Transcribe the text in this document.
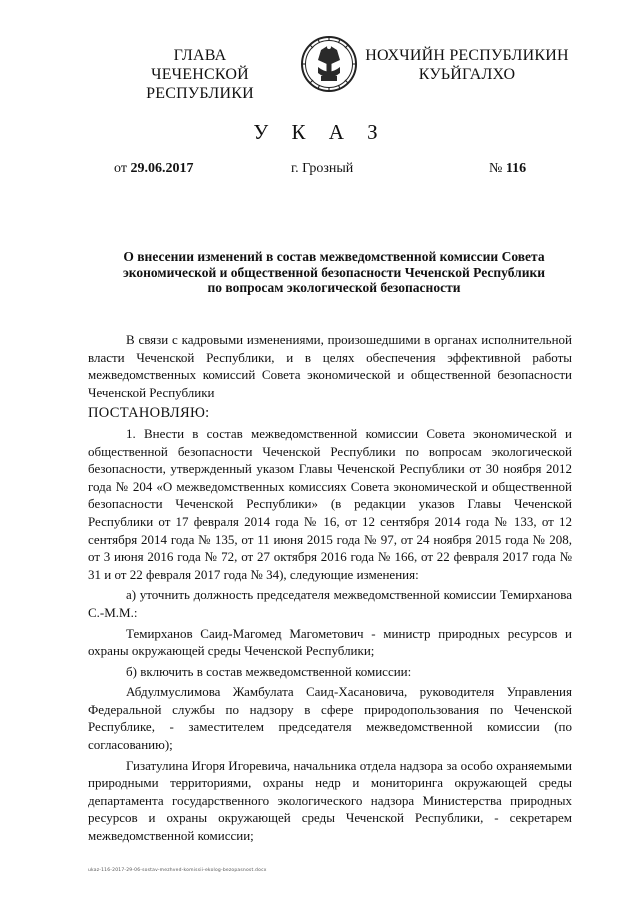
ГЛАВА
ЧЕЧЕНСКОЙ РЕСПУБЛИКИ
НОХЧИЙН РЕСПУБЛИКИН
КУЬЙГАЛХО
У К А З
от 29.06.2017	г. Грозный	№ 116
О внесении изменений в состав межведомственной комиссии Совета
экономической и общественной безопасности Чеченской Республики
по вопросам экологической безопасности

В связи с кадровыми изменениями, произошедшими в органах исполнительной власти Чеченской Республики, и в целях обеспечения эффективной работы межведомственных комиссий Совета экономической и общественной безопасности Чеченской Республики

ПОСТАНОВЛЯЮ:

1. Внести в состав межведомственной комиссии Совета экономической и общественной безопасности Чеченской Республики по вопросам экологической безопасности, утвержденный указом Главы Чеченской Республики от 30 ноября 2012 года № 204 «О межведомственных комиссиях Совета экономической и общественной безопасности Чеченской Республики» (в редакции указов Главы Чеченской Республики от 17 февраля 2014 года № 16, от 12 сентября 2014 года № 133, от 12 сентября 2014 года № 135, от 11 июня 2015 года № 97, от 24 ноября 2015 года № 208, от 3 июня 2016 года № 72, от 27 октября 2016 года № 166, от 22 февраля 2017 года № 31 и от 22 февраля 2017 года № 34), следующие изменения:

а) уточнить должность председателя межведомственной комиссии Темирханова С.-М.М.:

Темирханов Саид-Магомед Магометович - министр природных ресурсов и охраны окружающей среды Чеченской Республики;

б) включить в состав межведомственной комиссии:

Абдулмуслимова Жамбулата Саид-Хасановича, руководителя Управления Федеральной службы по надзору в сфере природопользования по Чеченской Республике, - заместителем председателя межведомственной комиссии (по согласованию);

Гизатулина Игоря Игоревича, начальника отдела надзора за особо охраняемыми природными территориями, охраны недр и мониторинга окружающей среды департамента государственного экологического надзора Министерства природных ресурсов и охраны окружающей среды Чеченской Республики, - секретарем межведомственной комиссии;

ukaz-116-2017-29-06-sostav-mezhved-komissii-ekolog-bezopasnost.docx
